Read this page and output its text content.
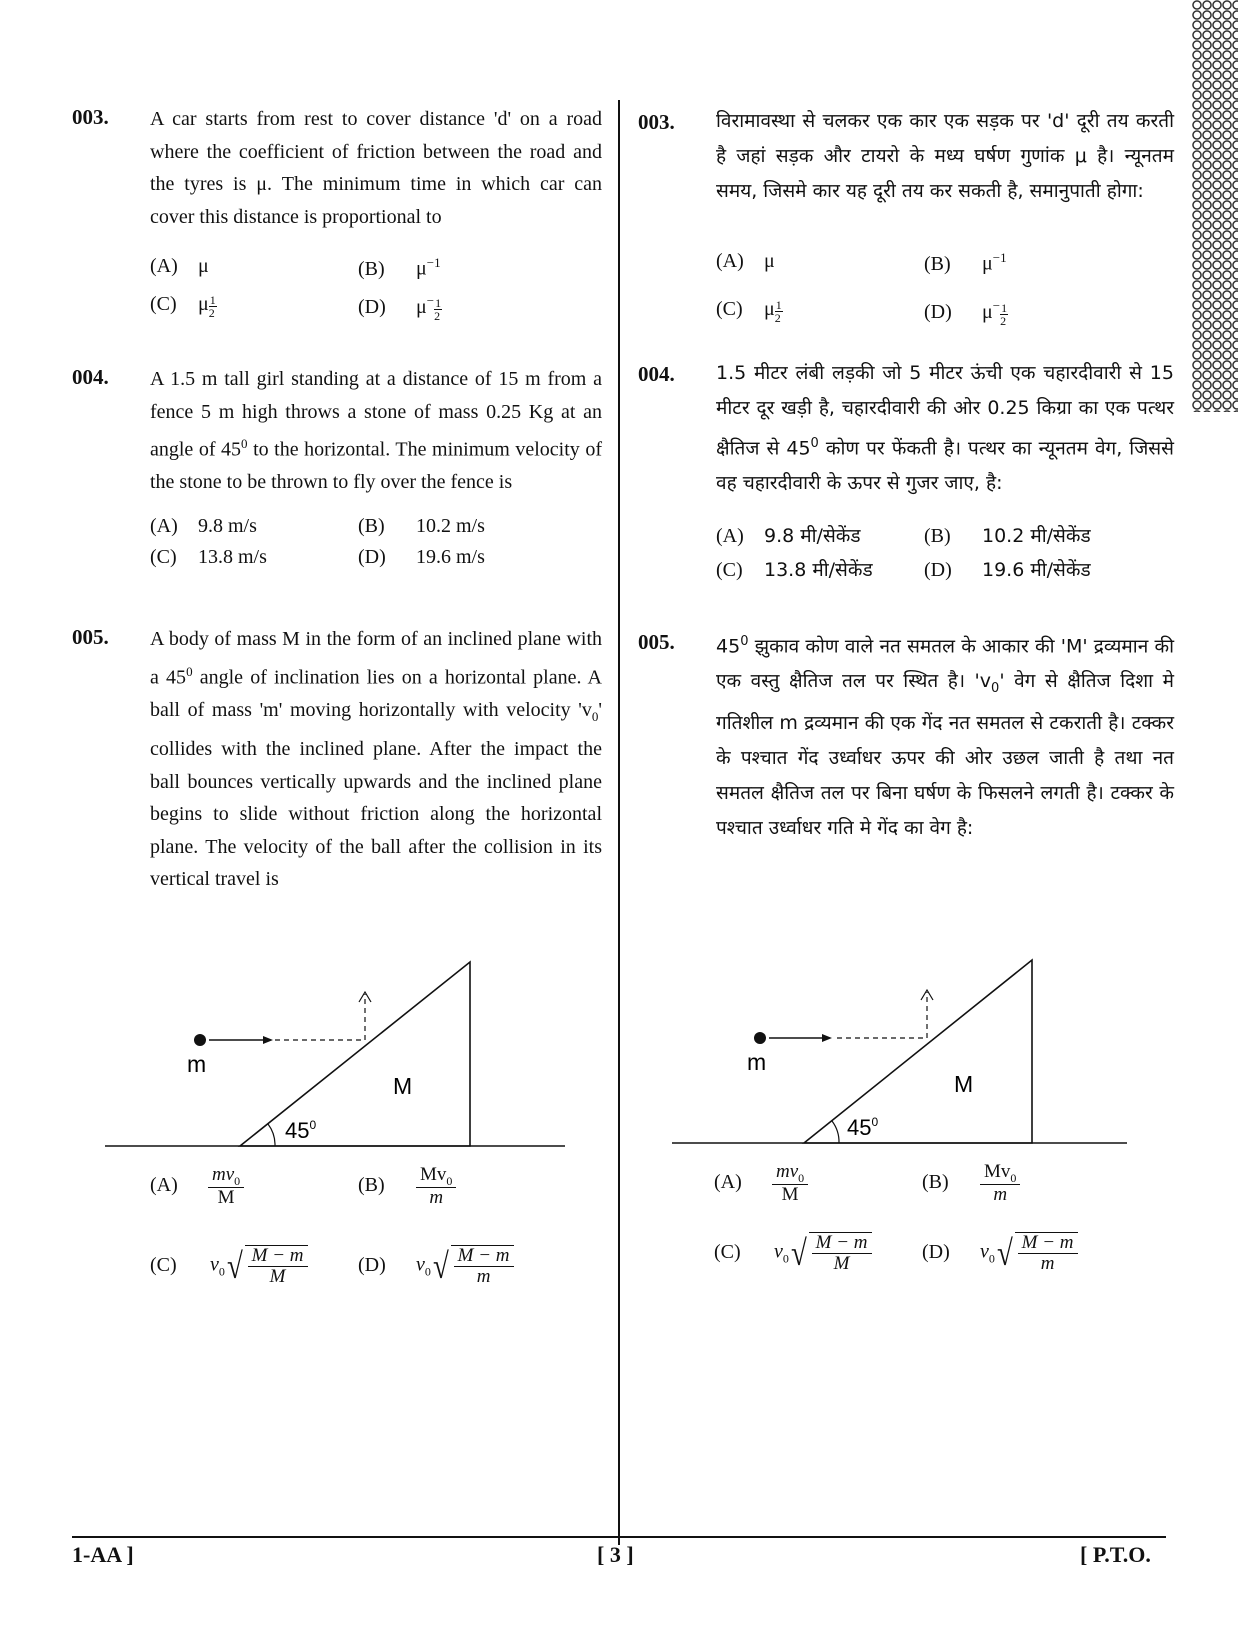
003. A car starts from rest to cover distance 'd' on a road where the coefficient of friction between the road and the tyres is μ. The minimum time in which car can cover this distance is proportional to
(A) μ	(B) $\mu^{-1}$
(C) μ $\frac{1}{2}$	(D) $\mu^- \frac{1}{2}$
004. A 1.5 m tall girl standing at a distance of 15 m from a fence 5 m high throws a stone of mass 0.25 Kg at an angle of $45^0$ to the horizontal. The minimum velocity of the stone to be thrown to fly over the fence is
(A) 9.8 m/s	(B) 10.2 m/s
(C) 13.8 m/s	(D) 19.6 m/s
005. A body of mass M in the form of an inclined plane with a $45^0$ angle of inclination lies on a horizontal plane. A ball of mass 'm' moving horizontally with velocity '$v_0$' collides with the inclined plane. After the impact the ball bounces vertically upwards and the inclined plane begins to slide without friction along the horizontal plane. The velocity of the ball after the collision in its vertical travel is
m
M
$45^0$
$(A) \frac{mv_0}{M}$	$(B) \frac{Mv_0}{m}$
(C) $v_0$ √ $\frac{M - m}{M}$	(D) $v_0$ √ $\frac{M - m}{m}$
003. विरामावस्था से चलकर एक कार एक सड़क पर 'd' दूरी तय करती है जहां सड़क और टायरो के मध्य घर्षण गुणांक μ है। न्यूनतम समय, जिसमे कार यह दूरी तय कर सकती है, समानुपाती होगा:
(A) μ	(B) $\mu^{-1}$
(C) μ $\frac{1}{2}$	(D) $\mu^- \frac{1}{2}$
004. 1.5 मीटर लंबी लड़की जो 5 मीटर ऊंची एक चहारदीवारी से 15 मीटर दूर खड़ी है, चहारदीवारी की ओर 0.25 किग्रा का एक पत्थर क्षैतिज से $45^0$ कोण पर फेंकती है। पत्थर का न्यूनतम वेग, जिससे वह चहारदीवारी के ऊपर से गुजर जाए, है:
(A) 9.8 मी/सेकेंड	(B) 10.2 मी/सेकेंड
(C) 13.8 मी/सेकेंड	(D) 19.6 मी/सेकेंड
005. $45^0$ झुकाव कोण वाले नत समतल के आकार की 'M' द्रव्यमान की एक वस्तु क्षैतिज तल पर स्थित है। '$v_0$' वेग से क्षैतिज दिशा मे गतिशील m द्रव्यमान की एक गेंद नत समतल से टकराती है। टक्कर के पश्चात गेंद उर्ध्वाधर ऊपर की ओर उछल जाती है तथा नत समतल क्षैतिज तल पर बिना घर्षण के फिसलने लगती है। टक्कर के पश्चात उर्ध्वाधर गति मे गेंद का वेग है:
m
M
$45^0$
$(A) \frac{mv_0}{M}$	$(B) \frac{Mv_0}{m}$
(C) $v_0$ √ $\frac{M - m}{M}$	(D) $v_0$ √ $\frac{M - m}{m}$
1-AA ]	[ 3 ]	[ P.T.O.
